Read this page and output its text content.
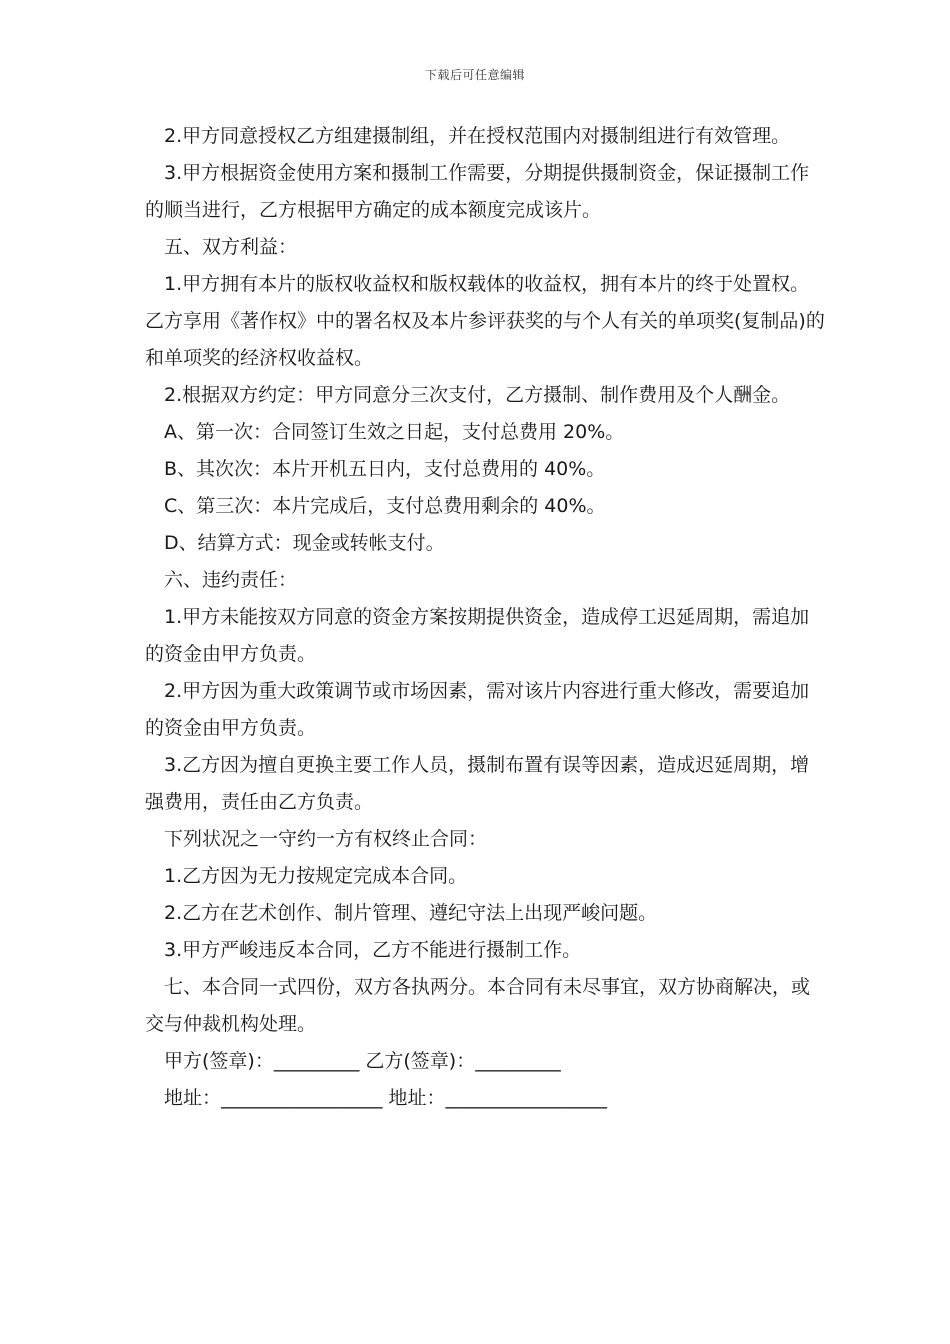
下载后可任意编辑

2.甲方同意授权乙方组建摄制组，并在授权范围内对摄制组进行有效管理。

3.甲方根据资金使用方案和摄制工作需要，分期提供摄制资金，保证摄制工作的顺当进行，乙方根据甲方确定的成本额度完成该片。

五、双方利益：

1.甲方拥有本片的版权收益权和版权载体的收益权，拥有本片的终于处置权。乙方享用《著作权》中的署名权及本片参评获奖的与个人有关的单项奖(复制品)的和单项奖的经济权收益权。

2.根据双方约定：甲方同意分三次支付，乙方摄制、制作费用及个人酬金。

A、第一次：合同签订生效之日起，支付总费用 20%。

B、其次次：本片开机五日内，支付总费用的 40%。

C、第三次：本片完成后，支付总费用剩余的 40%。

D、结算方式：现金或转帐支付。

六、违约责任：

1.甲方未能按双方同意的资金方案按期提供资金，造成停工迟延周期，需追加的资金由甲方负责。

2.甲方因为重大政策调节或市场因素，需对该片内容进行重大修改，需要追加的资金由甲方负责。

3.乙方因为擅自更换主要工作人员，摄制布置有误等因素，造成迟延周期，增强费用，责任由乙方负责。

下列状况之一守约一方有权终止合同：

1.乙方因为无力按规定完成本合同。

2.乙方在艺术创作、制片管理、遵纪守法上出现严峻问题。

3.甲方严峻违反本合同，乙方不能进行摄制工作。

七、本合同一式四份，双方各执两分。本合同有未尽事宜，双方协商解决，或交与仲裁机构处理。

甲方(签章)：_________ 乙方(签章)：_________

地址：_________________ 地址：_________________
